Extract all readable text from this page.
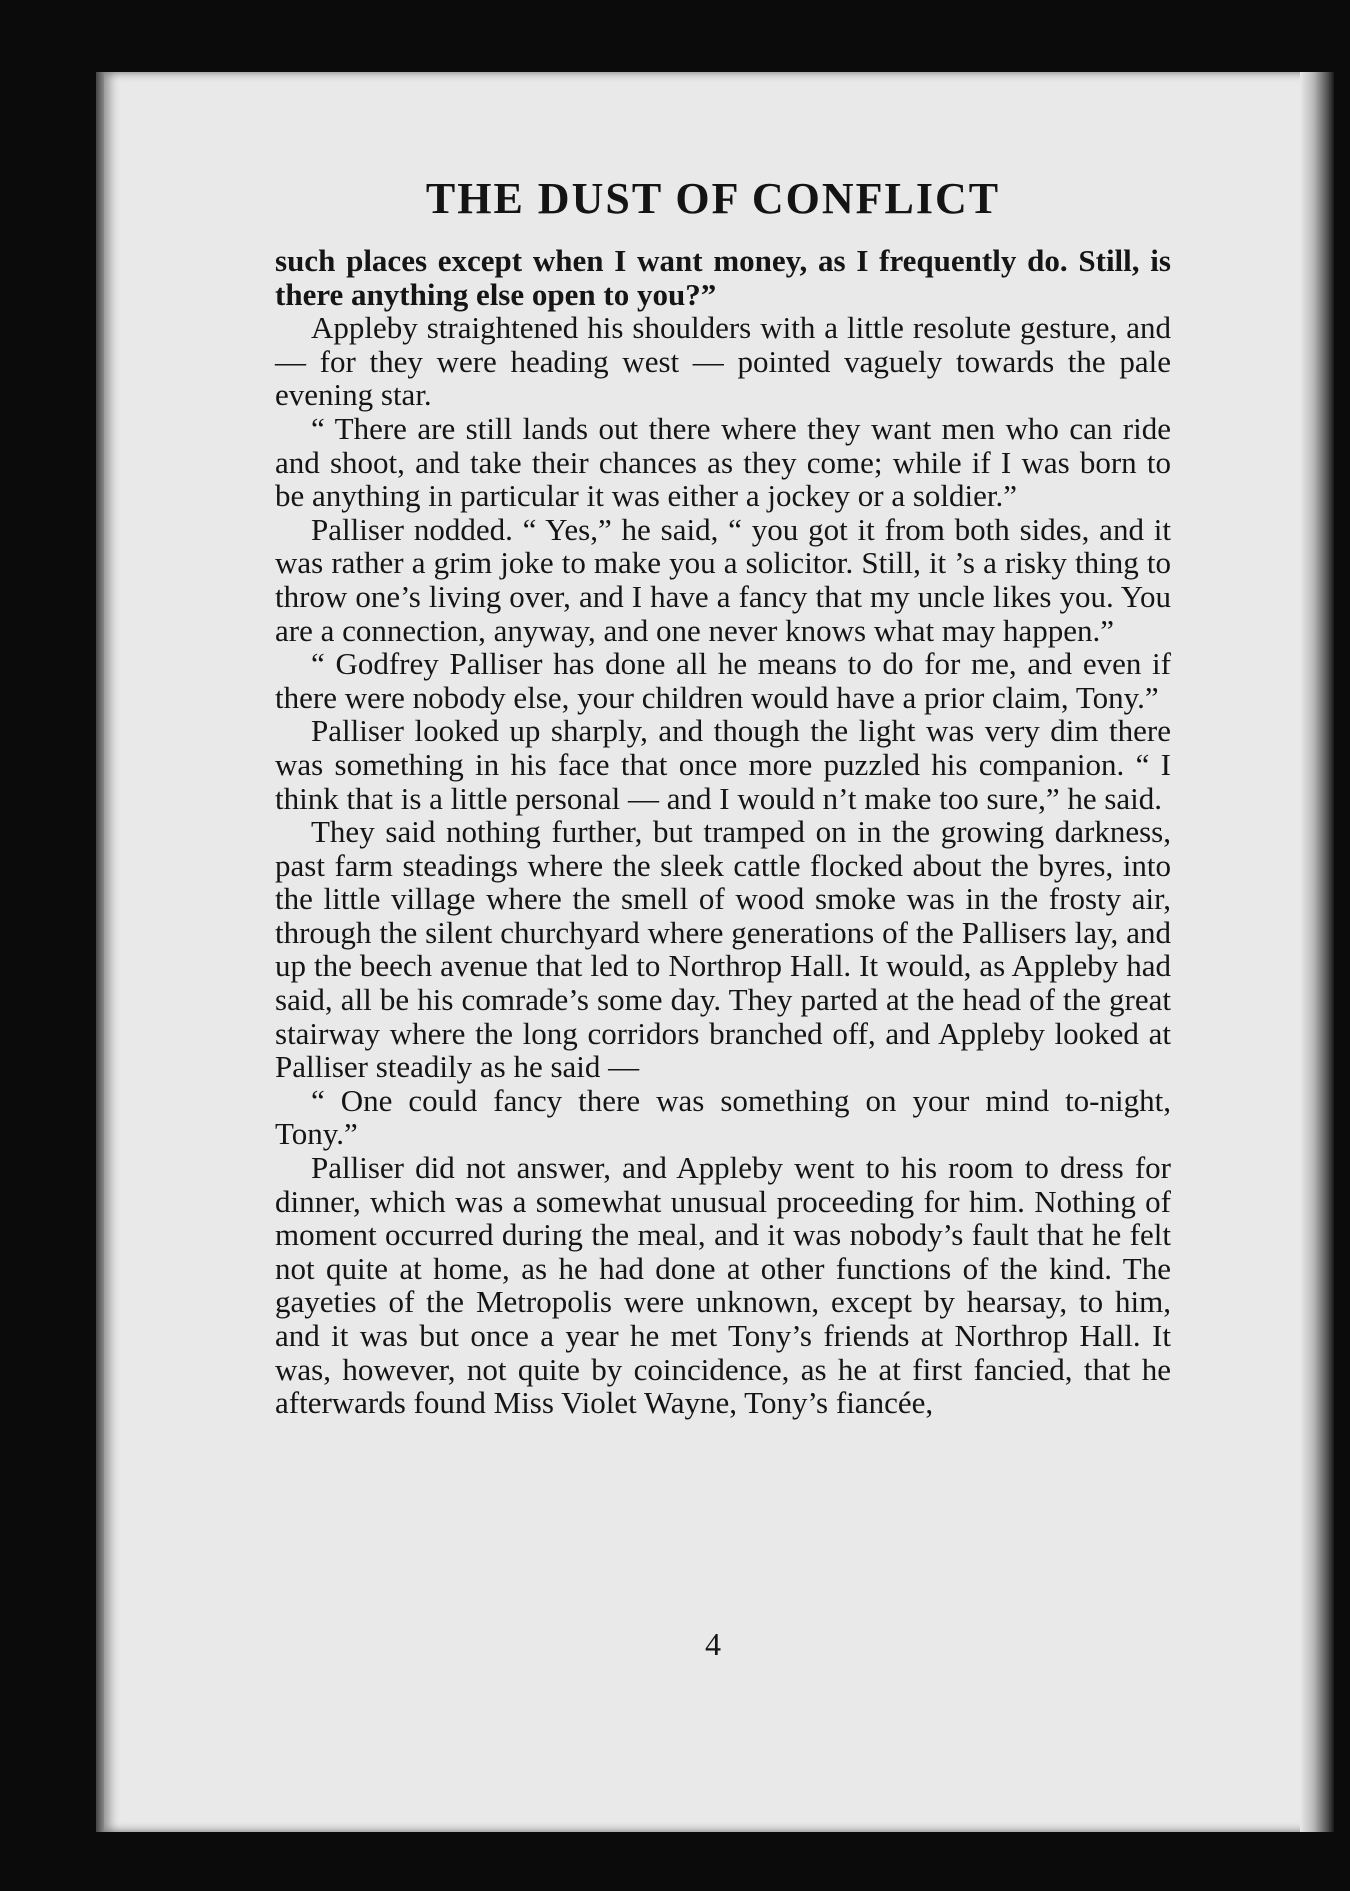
THE DUST OF CONFLICT

such places except when I want money, as I frequently do. Still, is there anything else open to you?”

Appleby straightened his shoulders with a little resolute gesture, and — for they were heading west — pointed vaguely towards the pale evening star.

“ There are still lands out there where they want men who can ride and shoot, and take their chances as they come; while if I was born to be anything in particular it was either a jockey or a soldier.”

Palliser nodded. “ Yes,” he said, “ you got it from both sides, and it was rather a grim joke to make you a solicitor. Still, it ’s a risky thing to throw one’s living over, and I have a fancy that my uncle likes you. You are a connection, anyway, and one never knows what may happen.”

“ Godfrey Palliser has done all he means to do for me, and even if there were nobody else, your children would have a prior claim, Tony.”

Palliser looked up sharply, and though the light was very dim there was something in his face that once more puzzled his companion. “ I think that is a little personal — and I would n’t make too sure,” he said.

They said nothing further, but tramped on in the growing darkness, past farm steadings where the sleek cattle flocked about the byres, into the little village where the smell of wood smoke was in the frosty air, through the silent churchyard where generations of the Pallisers lay, and up the beech avenue that led to Northrop Hall. It would, as Appleby had said, all be his comrade’s some day. They parted at the head of the great stairway where the long corridors branched off, and Appleby looked at Palliser steadily as he said —

“ One could fancy there was something on your mind to-night, Tony.”

Palliser did not answer, and Appleby went to his room to dress for dinner, which was a somewhat unusual proceeding for him. Nothing of moment occurred during the meal, and it was nobody’s fault that he felt not quite at home, as he had done at other functions of the kind. The gayeties of the Metropolis were unknown, except by hearsay, to him, and it was but once a year he met Tony’s friends at Northrop Hall. It was, however, not quite by coincidence, as he at first fancied, that he afterwards found Miss Violet Wayne, Tony’s fiancée,

4
